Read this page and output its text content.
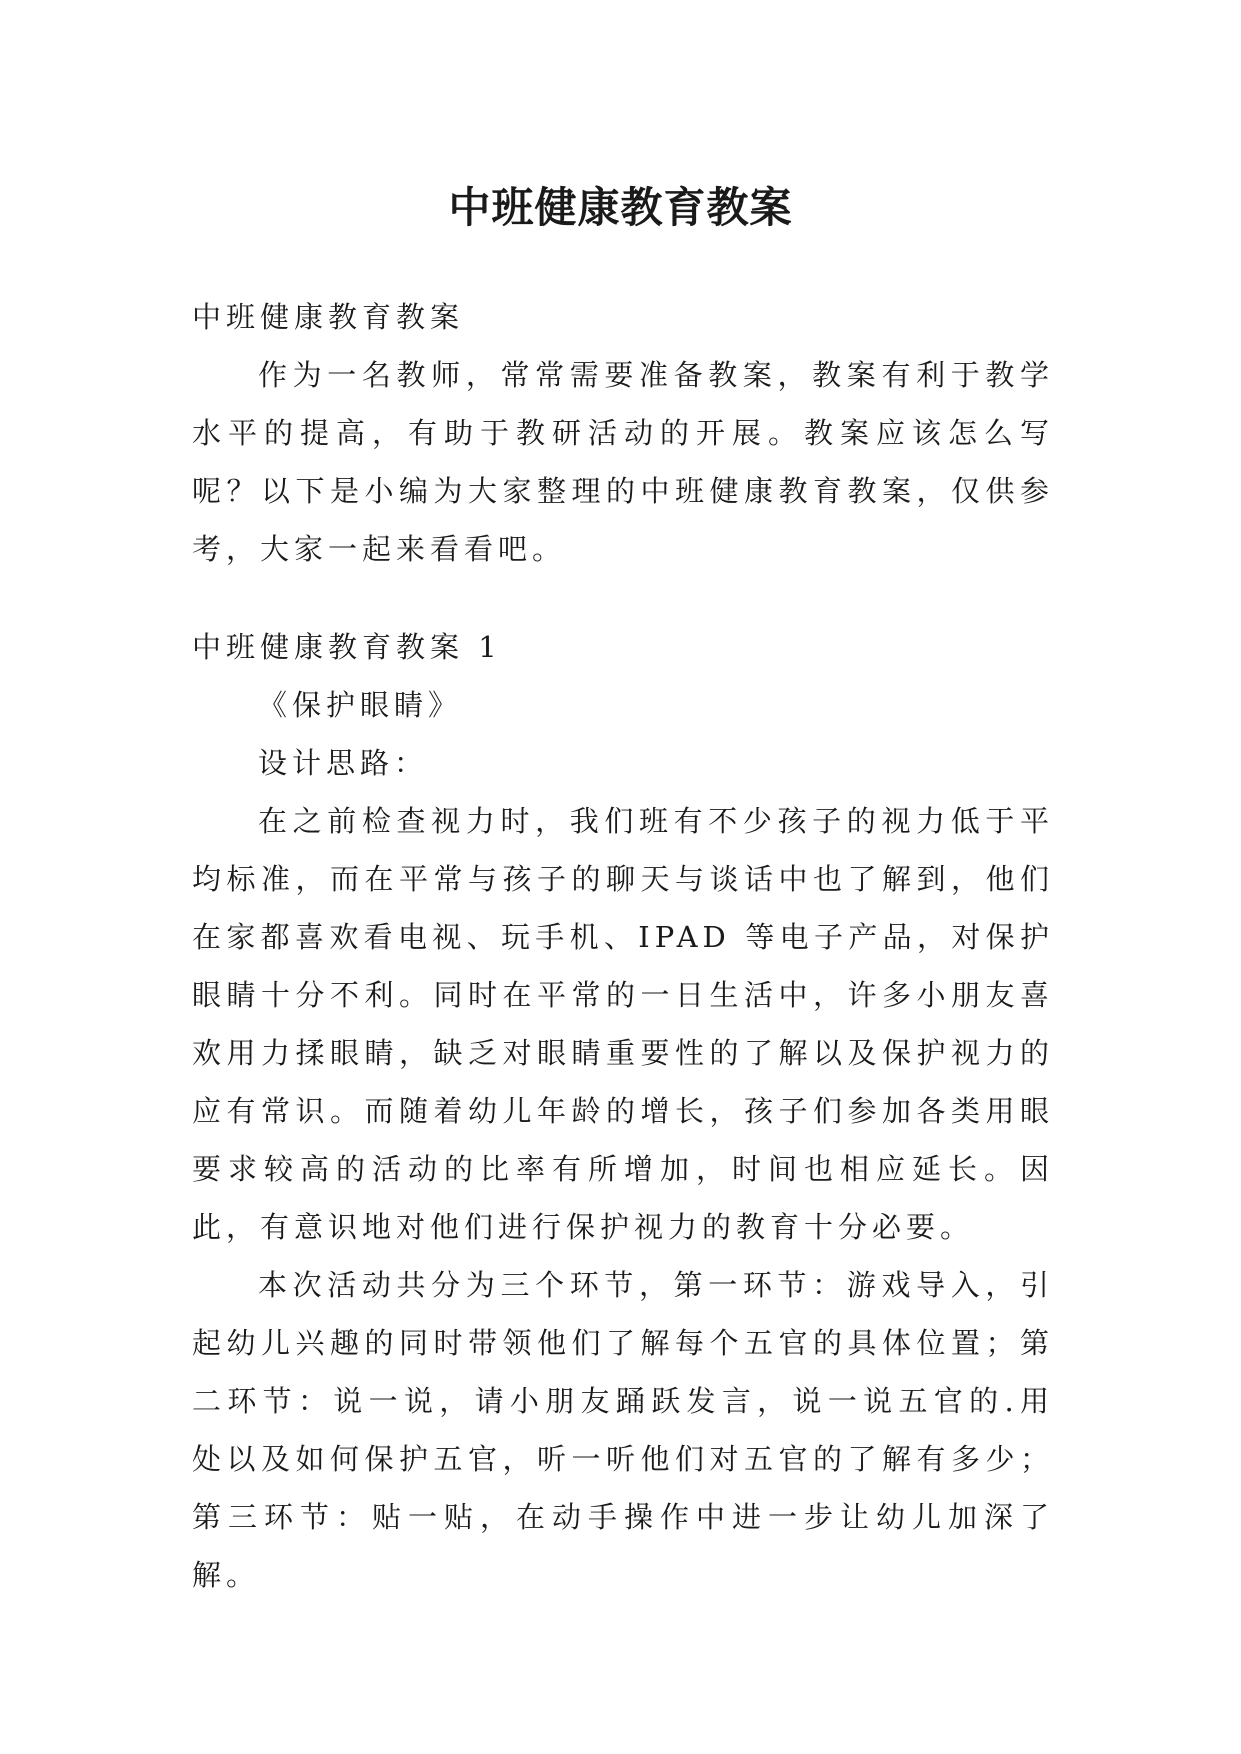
中班健康教育教案

中班健康教育教案

作为一名教师，常常需要准备教案，教案有利于教学水平的提高，有助于教研活动的开展。教案应该怎么写呢？以下是小编为大家整理的中班健康教育教案，仅供参考，大家一起来看看吧。

中班健康教育教案 1

《保护眼睛》

设计思路：

在之前检查视力时，我们班有不少孩子的视力低于平均标准，而在平常与孩子的聊天与谈话中也了解到，他们在家都喜欢看电视、玩手机、IPAD 等电子产品，对保护眼睛十分不利。同时在平常的一日生活中，许多小朋友喜欢用力揉眼睛，缺乏对眼睛重要性的了解以及保护视力的应有常识。而随着幼儿年龄的增长，孩子们参加各类用眼要求较高的活动的比率有所增加，时间也相应延长。因此，有意识地对他们进行保护视力的教育十分必要。

本次活动共分为三个环节，第一环节：游戏导入，引起幼儿兴趣的同时带领他们了解每个五官的具体位置；第二环节：说一说，请小朋友踊跃发言，说一说五官的.用处以及如何保护五官，听一听他们对五官的了解有多少；第三环节：贴一贴，在动手操作中进一步让幼儿加深了解。
